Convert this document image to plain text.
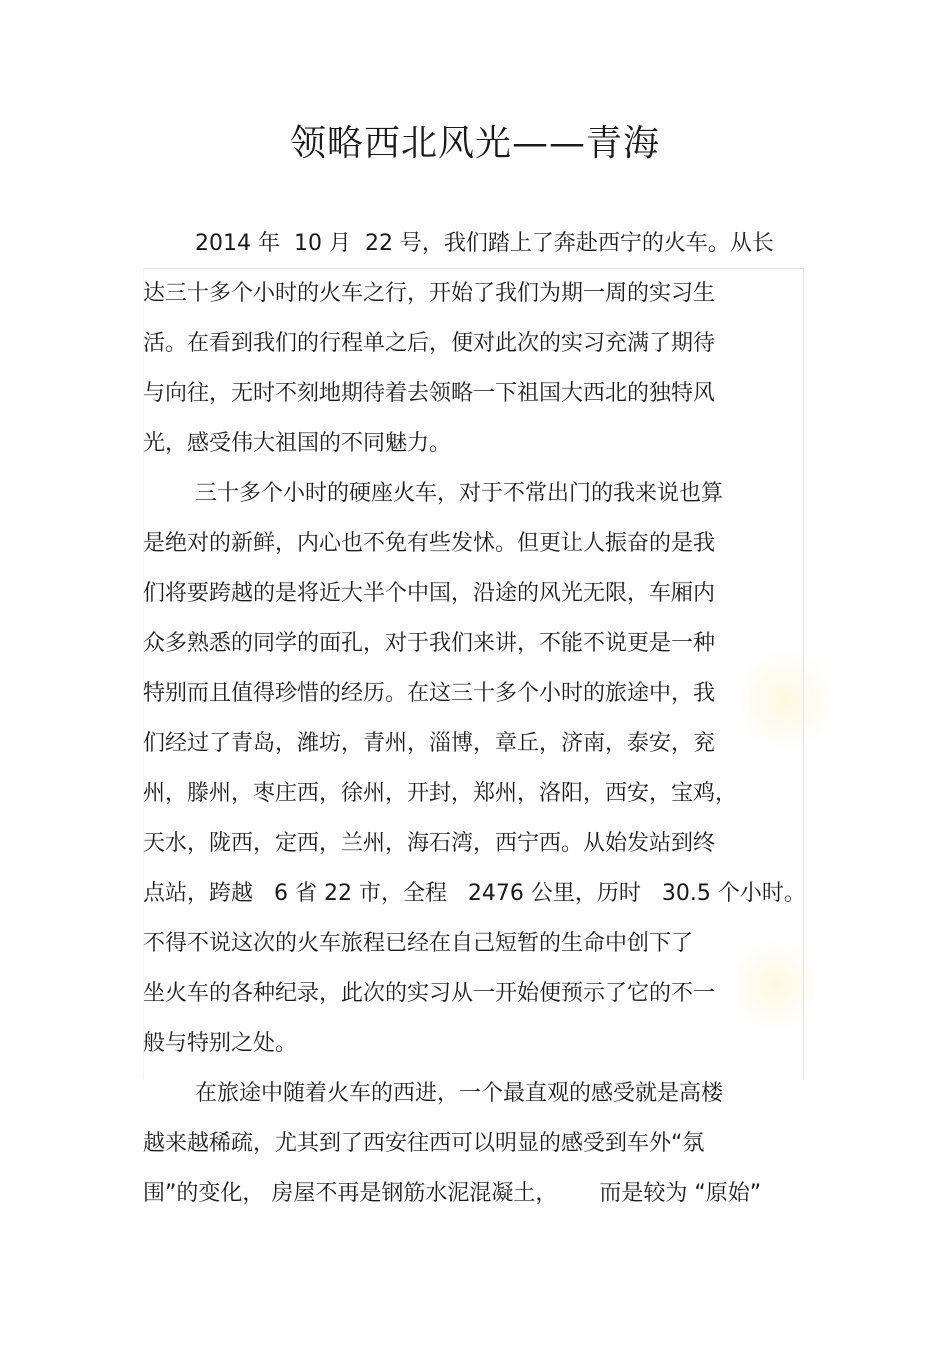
领略西北风光——青海
2014 年  10 月  22 号，我们踏上了奔赴西宁的火车。从长
达三十多个小时的火车之行，开始了我们为期一周的实习生
活。在看到我们的行程单之后，便对此次的实习充满了期待
与向往，无时不刻地期待着去领略一下祖国大西北的独特风
光，感受伟大祖国的不同魅力。
三十多个小时的硬座火车，对于不常出门的我来说也算
是绝对的新鲜，内心也不免有些发怵。但更让人振奋的是我
们将要跨越的是将近大半个中国，沿途的风光无限，车厢内
众多熟悉的同学的面孔，对于我们来讲，不能不说更是一种
特别而且值得珍惜的经历。在这三十多个小时的旅途中，我
们经过了青岛，潍坊，青州，淄博，章丘，济南，泰安，兖
州，滕州，枣庄西，徐州，开封，郑州，洛阳，西安，宝鸡，
天水，陇西，定西，兰州，海石湾，西宁西。从始发站到终
点站，跨越   6 省 22 市，全程   2476 公里，历时   30.5 个小时。
不得不说这次的火车旅程已经在自己短暂的生命中创下了
坐火车的各种纪录，此次的实习从一开始便预示了它的不一
般与特别之处。
在旅途中随着火车的西进，一个最直观的感受就是高楼
越来越稀疏，尤其到了西安往西可以明显的感受到车外“氛
围”的变化， 房屋不再是钢筋水泥混凝土，      而是较为 “原始”
